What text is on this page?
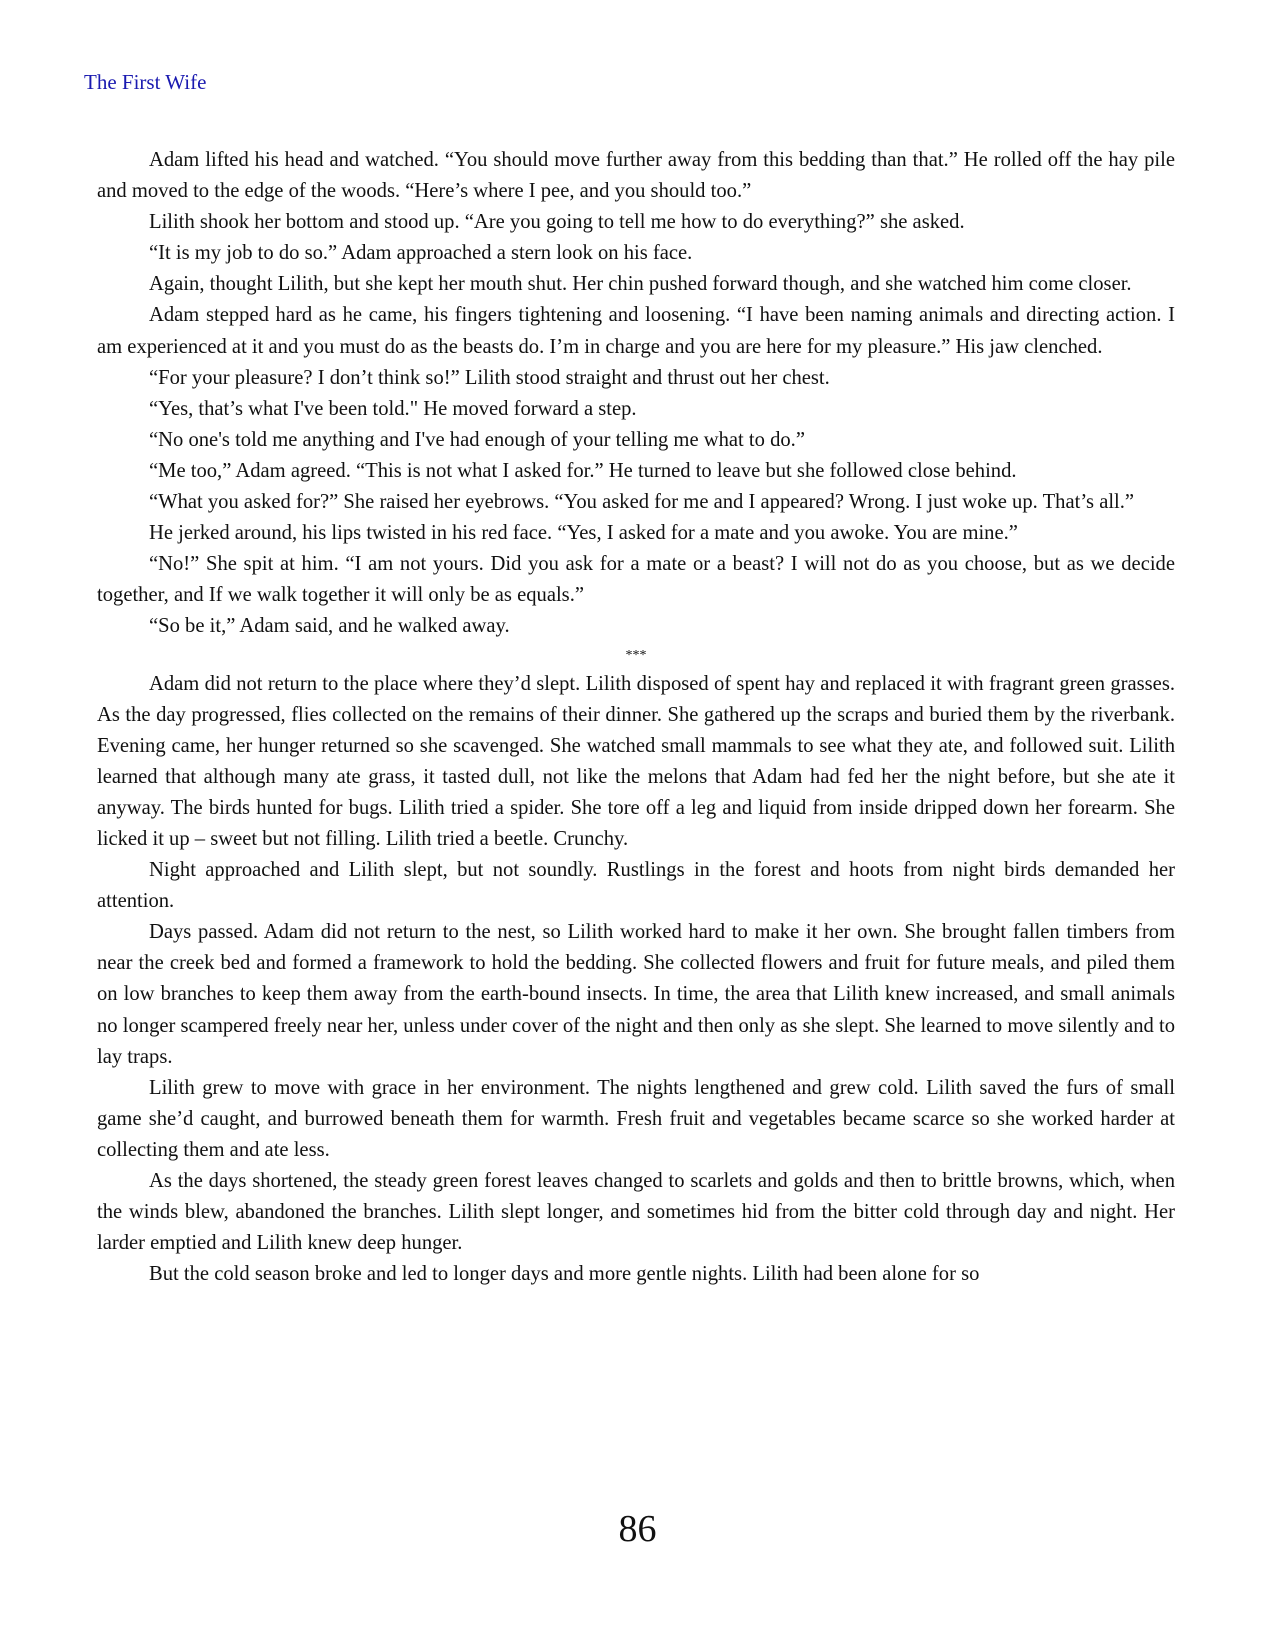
The First Wife

Adam lifted his head and watched. “You should move further away from this bedding than that.” He rolled off the hay pile and moved to the edge of the woods. “Here’s where I pee, and you should too.”

Lilith shook her bottom and stood up. “Are you going to tell me how to do everything?” she asked.

“It is my job to do so.” Adam approached a stern look on his face.

Again, thought Lilith, but she kept her mouth shut. Her chin pushed forward though, and she watched him come closer.

Adam stepped hard as he came, his fingers tightening and loosening. “I have been naming animals and directing action. I am experienced at it and you must do as the beasts do. I’m in charge and you are here for my pleasure.” His jaw clenched.

“For your pleasure? I don’t think so!” Lilith stood straight and thrust out her chest.

“Yes, that’s what I've been told." He moved forward a step.

“No one's told me anything and I've had enough of your telling me what to do.”

“Me too,” Adam agreed. “This is not what I asked for.” He turned to leave but she followed close behind.

“What you asked for?” She raised her eyebrows. “You asked for me and I appeared? Wrong. I just woke up. That’s all.”

He jerked around, his lips twisted in his red face. “Yes, I asked for a mate and you awoke. You are mine.”

“No!” She spit at him. “I am not yours. Did you ask for a mate or a beast? I will not do as you choose, but as we decide together, and If we walk together it will only be as equals.”

“So be it,” Adam said, and he walked away.

***

Adam did not return to the place where they’d slept. Lilith disposed of spent hay and replaced it with fragrant green grasses. As the day progressed, flies collected on the remains of their dinner. She gathered up the scraps and buried them by the riverbank. Evening came, her hunger returned so she scavenged. She watched small mammals to see what they ate, and followed suit. Lilith learned that although many ate grass, it tasted dull, not like the melons that Adam had fed her the night before, but she ate it anyway. The birds hunted for bugs. Lilith tried a spider. She tore off a leg and liquid from inside dripped down her forearm. She licked it up – sweet but not filling. Lilith tried a beetle. Crunchy.

Night approached and Lilith slept, but not soundly. Rustlings in the forest and hoots from night birds demanded her attention.

Days passed. Adam did not return to the nest, so Lilith worked hard to make it her own. She brought fallen timbers from near the creek bed and formed a framework to hold the bedding. She collected flowers and fruit for future meals, and piled them on low branches to keep them away from the earth-bound insects. In time, the area that Lilith knew increased, and small animals no longer scampered freely near her, unless under cover of the night and then only as she slept. She learned to move silently and to lay traps.

Lilith grew to move with grace in her environment. The nights lengthened and grew cold. Lilith saved the furs of small game she’d caught, and burrowed beneath them for warmth. Fresh fruit and vegetables became scarce so she worked harder at collecting them and ate less.

As the days shortened, the steady green forest leaves changed to scarlets and golds and then to brittle browns, which, when the winds blew, abandoned the branches. Lilith slept longer, and sometimes hid from the bitter cold through day and night. Her larder emptied and Lilith knew deep hunger.

But the cold season broke and led to longer days and more gentle nights. Lilith had been alone for so

86
